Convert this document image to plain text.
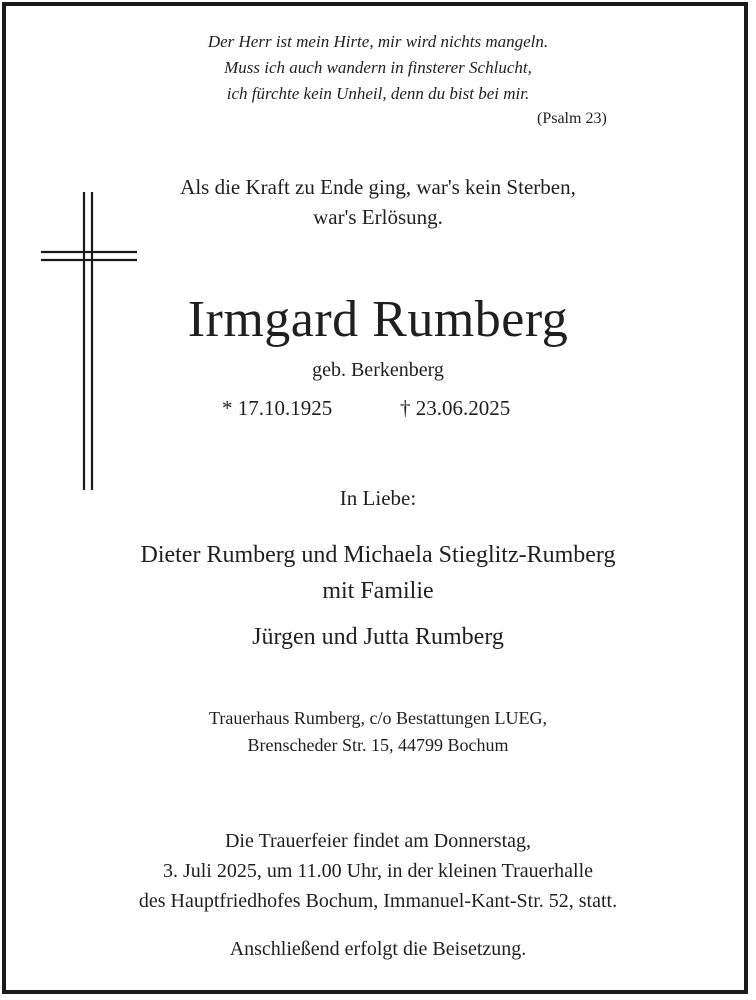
Der Herr ist mein Hirte, mir wird nichts mangeln.

Muss ich auch wandern in finsterer Schlucht,

ich fürchte kein Unheil, denn du bist bei mir.

(Psalm 23)

Als die Kraft zu Ende ging, war's kein Sterben,

war's Erlösung.

Irmgard Rumberg

geb. Berkenberg

* 17.10.1925	† 23.06.2025

In Liebe:

Dieter Rumberg und Michaela Stieglitz-Rumberg

mit Familie

Jürgen und Jutta Rumberg

Trauerhaus Rumberg, c/o Bestattungen LUEG,

Brenscheder Str. 15, 44799 Bochum

Die Trauerfeier findet am Donnerstag,

3. Juli 2025, um 11.00 Uhr, in der kleinen Trauerhalle

des Hauptfriedhofes Bochum, Immanuel-Kant-Str. 52, statt.

Anschließend erfolgt die Beisetzung.
